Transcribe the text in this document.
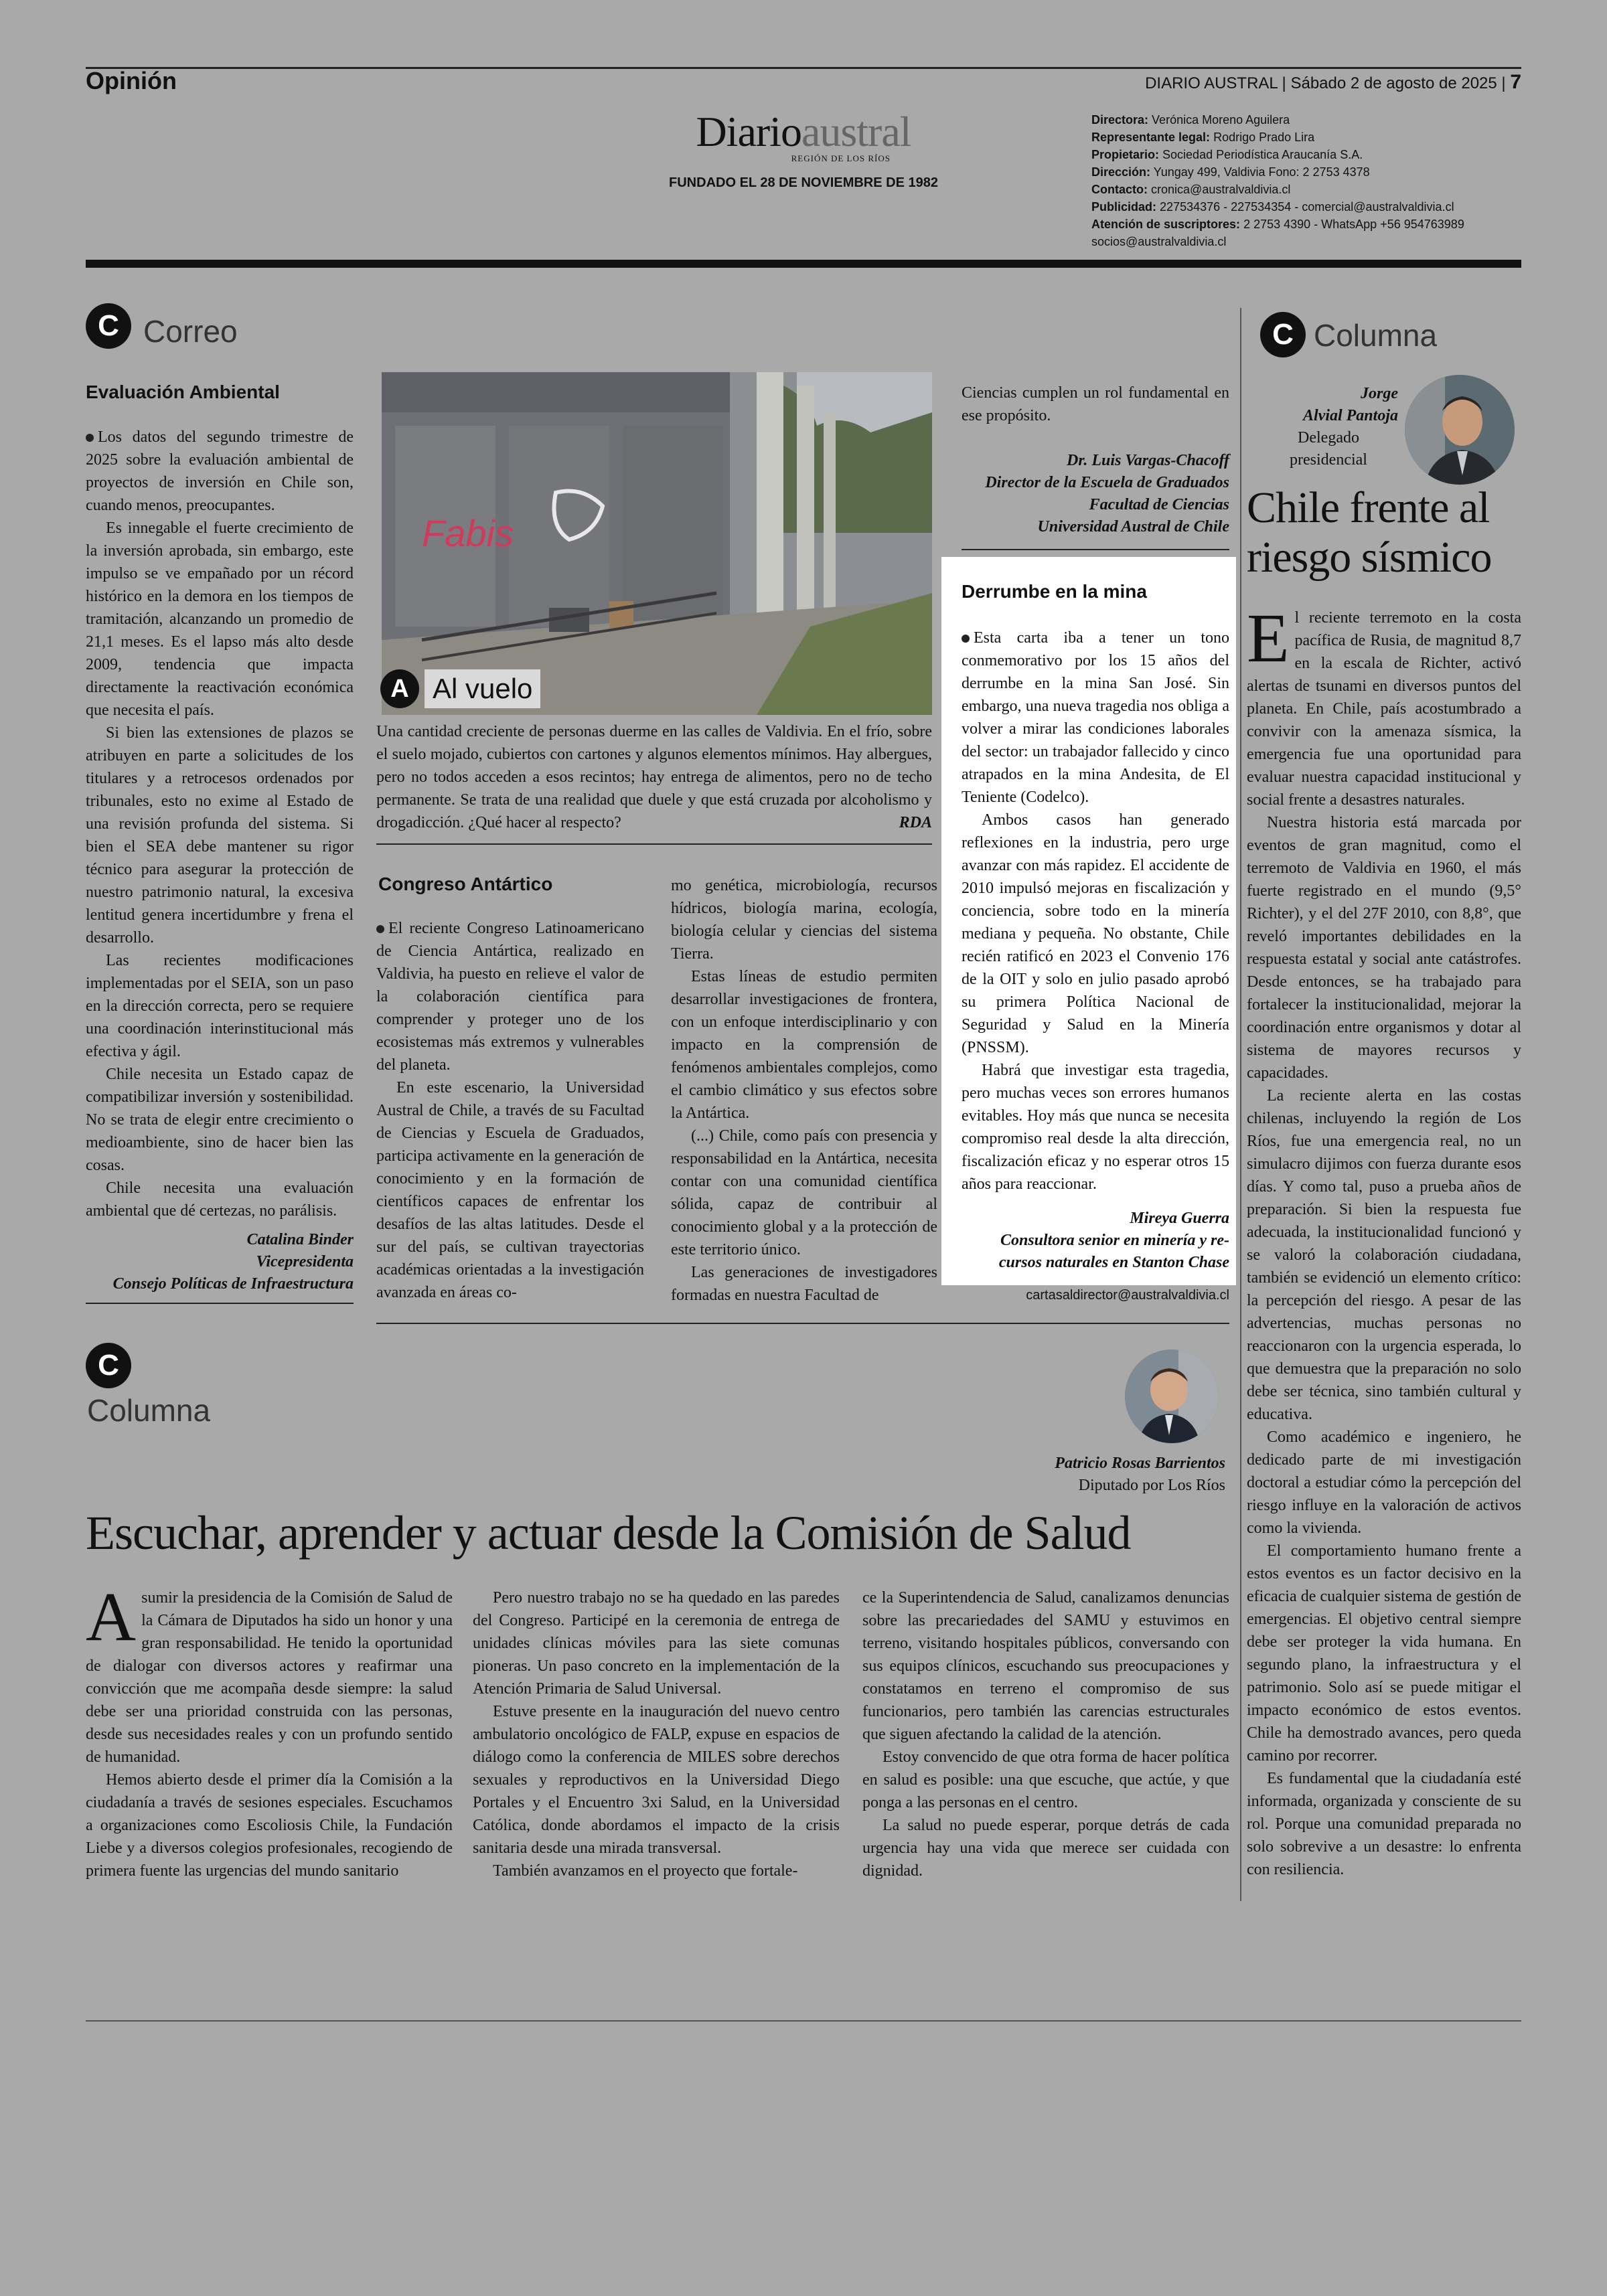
Opinión	DIARIO AUSTRAL | Sábado 2 de agosto de 2025 | 7
Diarioaustral
REGIÓN DE LOS RÍOS
FUNDADO EL 28 DE NOVIEMBRE DE 1982
Directora: Verónica Moreno Aguilera
Representante legal: Rodrigo Prado Lira
Propietario: Sociedad Periodística Araucanía S.A.
Dirección: Yungay 499, Valdivia Fono: 2 2753 4378
Contacto: cronica@australvaldivia.cl
Publicidad: 227534376 - 227534354 - comercial@australvaldivia.cl
Atención de suscriptores: 2 2753 4390 - WhatsApp +56 954763989
socios@australvaldivia.cl
C Correo
Evaluación Ambiental
Los datos del segundo trimestre de 2025 sobre la evaluación ambiental de proyectos de inversión en Chile son, cuando menos, preocupantes.
Es innegable el fuerte crecimiento de la inversión aprobada, sin embargo, este impulso se ve empañado por un récord histórico en la demora en los tiempos de tramitación, alcanzando un promedio de 21,1 meses. Es el lapso más alto desde 2009, tendencia que impacta directamente la reactivación económica que necesita el país.
Si bien las extensiones de plazos se atribuyen en parte a solicitudes de los titulares y a retrocesos ordenados por tribunales, esto no exime al Estado de una revisión profunda del sistema. Si bien el SEA debe mantener su rigor técnico para asegurar la protección de nuestro patrimonio natural, la excesiva lentitud genera incertidumbre y frena el desarrollo.
Las recientes modificaciones implementadas por el SEIA, son un paso en la dirección correcta, pero se requiere una coordinación interinstitucional más efectiva y ágil.
Chile necesita un Estado capaz de compatibilizar inversión y sostenibilidad. No se trata de elegir entre crecimiento o medioambiente, sino de hacer bien las cosas.
Chile necesita una evaluación ambiental que dé certezas, no parálisis.
Catalina Binder
Vicepresidenta
Consejo Políticas de Infraestructura
Fabis
A Al vuelo
Una cantidad creciente de personas duerme en las calles de Valdivia. En el frío, sobre el suelo mojado, cubiertos con cartones y algunos elementos mínimos. Hay albergues, pero no todos acceden a esos recintos; hay entrega de alimentos, pero no de techo permanente. Se trata de una realidad que duele y que está cruzada por alcoholismo y drogadicción. ¿Qué hacer al respecto?	RDA
Congreso Antártico
El reciente Congreso Latinoamericano de Ciencia Antártica, realizado en Valdivia, ha puesto en relieve el valor de la colaboración científica para comprender y proteger uno de los ecosistemas más extremos y vulnerables del planeta.
En este escenario, la Universidad Austral de Chile, a través de su Facultad de Ciencias y Escuela de Graduados, participa activamente en la generación de conocimiento y en la formación de científicos capaces de enfrentar los desafíos de las altas latitudes. Desde el sur del país, se cultivan trayectorias académicas orientadas a la investigación avanzada en áreas co-
mo genética, microbiología, recursos hídricos, biología marina, ecología, biología celular y ciencias del sistema Tierra.
Estas líneas de estudio permiten desarrollar investigaciones de frontera, con un enfoque interdisciplinario y con impacto en la comprensión de fenómenos ambientales complejos, como el cambio climático y sus efectos sobre la Antártica.
(...) Chile, como país con presencia y responsabilidad en la Antártica, necesita contar con una comunidad científica sólida, capaz de contribuir al conocimiento global y a la protección de este territorio único.
Las generaciones de investigadores formadas en nuestra Facultad de
Ciencias cumplen un rol fundamental en ese propósito.
Dr. Luis Vargas-Chacoff
Director de la Escuela de Graduados
Facultad de Ciencias
Universidad Austral de Chile
Derrumbe en la mina
Esta carta iba a tener un tono conmemorativo por los 15 años del derrumbe en la mina San José. Sin embargo, una nueva tragedia nos obliga a volver a mirar las condiciones laborales del sector: un trabajador fallecido y cinco atrapados en la mina Andesita, de El Teniente (Codelco).
Ambos casos han generado reflexiones en la industria, pero urge avanzar con más rapidez. El accidente de 2010 impulsó mejoras en fiscalización y conciencia, sobre todo en la minería mediana y pequeña. No obstante, Chile recién ratificó en 2023 el Convenio 176 de la OIT y solo en julio pasado aprobó su primera Política Nacional de Seguridad y Salud en la Minería (PNSSM).
Habrá que investigar esta tragedia, pero muchas veces son errores humanos evitables. Hoy más que nunca se necesita compromiso real desde la alta dirección, fiscalización eficaz y no esperar otros 15 años para reaccionar.
Mireya Guerra
Consultora senior en minería y re-
cursos naturales en Stanton Chase
cartasaldirector@australvaldivia.cl
C Columna
Jorge
Alvial Pantoja
Delegado
presidencial
Chile frente al
riesgo sísmico
El reciente terremoto en la costa pacífica de Rusia, de magnitud 8,7 en la escala de Richter, activó alertas de tsunami en diversos puntos del planeta. En Chile, país acostumbrado a convivir con la amenaza sísmica, la emergencia fue una oportunidad para evaluar nuestra capacidad institucional y social frente a desastres naturales.
Nuestra historia está marcada por eventos de gran magnitud, como el terremoto de Valdivia en 1960, el más fuerte registrado en el mundo (9,5° Richter), y el del 27F 2010, con 8,8°, que reveló importantes debilidades en la respuesta estatal y social ante catástrofes. Desde entonces, se ha trabajado para fortalecer la institucionalidad, mejorar la coordinación entre organismos y dotar al sistema de mayores recursos y capacidades.
La reciente alerta en las costas chilenas, incluyendo la región de Los Ríos, fue una emergencia real, no un simulacro dijimos con fuerza durante esos días. Y como tal, puso a prueba años de preparación. Si bien la respuesta fue adecuada, la institucionalidad funcionó y se valoró la colaboración ciudadana, también se evidenció un elemento crítico: la percepción del riesgo. A pesar de las advertencias, muchas personas no reaccionaron con la urgencia esperada, lo que demuestra que la preparación no solo debe ser técnica, sino también cultural y educativa.
Como académico e ingeniero, he dedicado parte de mi investigación doctoral a estudiar cómo la percepción del riesgo influye en la valoración de activos como la vivienda.
El comportamiento humano frente a estos eventos es un factor decisivo en la eficacia de cualquier sistema de gestión de emergencias. El objetivo central siempre debe ser proteger la vida humana. En segundo plano, la infraestructura y el patrimonio. Solo así se puede mitigar el impacto económico de estos eventos. Chile ha demostrado avances, pero queda camino por recorrer.
Es fundamental que la ciudadanía esté informada, organizada y consciente de su rol. Porque una comunidad preparada no solo sobrevive a un desastre: lo enfrenta con resiliencia.
C
Columna
Patricio Rosas Barrientos
Diputado por Los Ríos
Escuchar, aprender y actuar desde la Comisión de Salud
Asumir la presidencia de la Comisión de Salud de la Cámara de Diputados ha sido un honor y una gran responsabilidad. He tenido la oportunidad de dialogar con diversos actores y reafirmar una convicción que me acompaña desde siempre: la salud debe ser una prioridad construida con las personas, desde sus necesidades reales y con un profundo sentido de humanidad.
Hemos abierto desde el primer día la Comisión a la ciudadanía a través de sesiones especiales. Escuchamos a organizaciones como Escoliosis Chile, la Fundación Liebe y a diversos colegios profesionales, recogiendo de primera fuente las urgencias del mundo sanitario
Pero nuestro trabajo no se ha quedado en las paredes del Congreso. Participé en la ceremonia de entrega de unidades clínicas móviles para las siete comunas pioneras. Un paso concreto en la implementación de la Atención Primaria de Salud Universal.
Estuve presente en la inauguración del nuevo centro ambulatorio oncológico de FALP, expuse en espacios de diálogo como la conferencia de MILES sobre derechos sexuales y reproductivos en la Universidad Diego Portales y el Encuentro 3xi Salud, en la Universidad Católica, donde abordamos el impacto de la crisis sanitaria desde una mirada transversal.
También avanzamos en el proyecto que fortale-
ce la Superintendencia de Salud, canalizamos denuncias sobre las precariedades del SAMU y estuvimos en terreno, visitando hospitales públicos, conversando con sus equipos clínicos, escuchando sus preocupaciones y constatamos en terreno el compromiso de sus funcionarios, pero también las carencias estructurales que siguen afectando la calidad de la atención.
Estoy convencido de que otra forma de hacer política en salud es posible: una que escuche, que actúe, y que ponga a las personas en el centro.
La salud no puede esperar, porque detrás de cada urgencia hay una vida que merece ser cuidada con dignidad.
